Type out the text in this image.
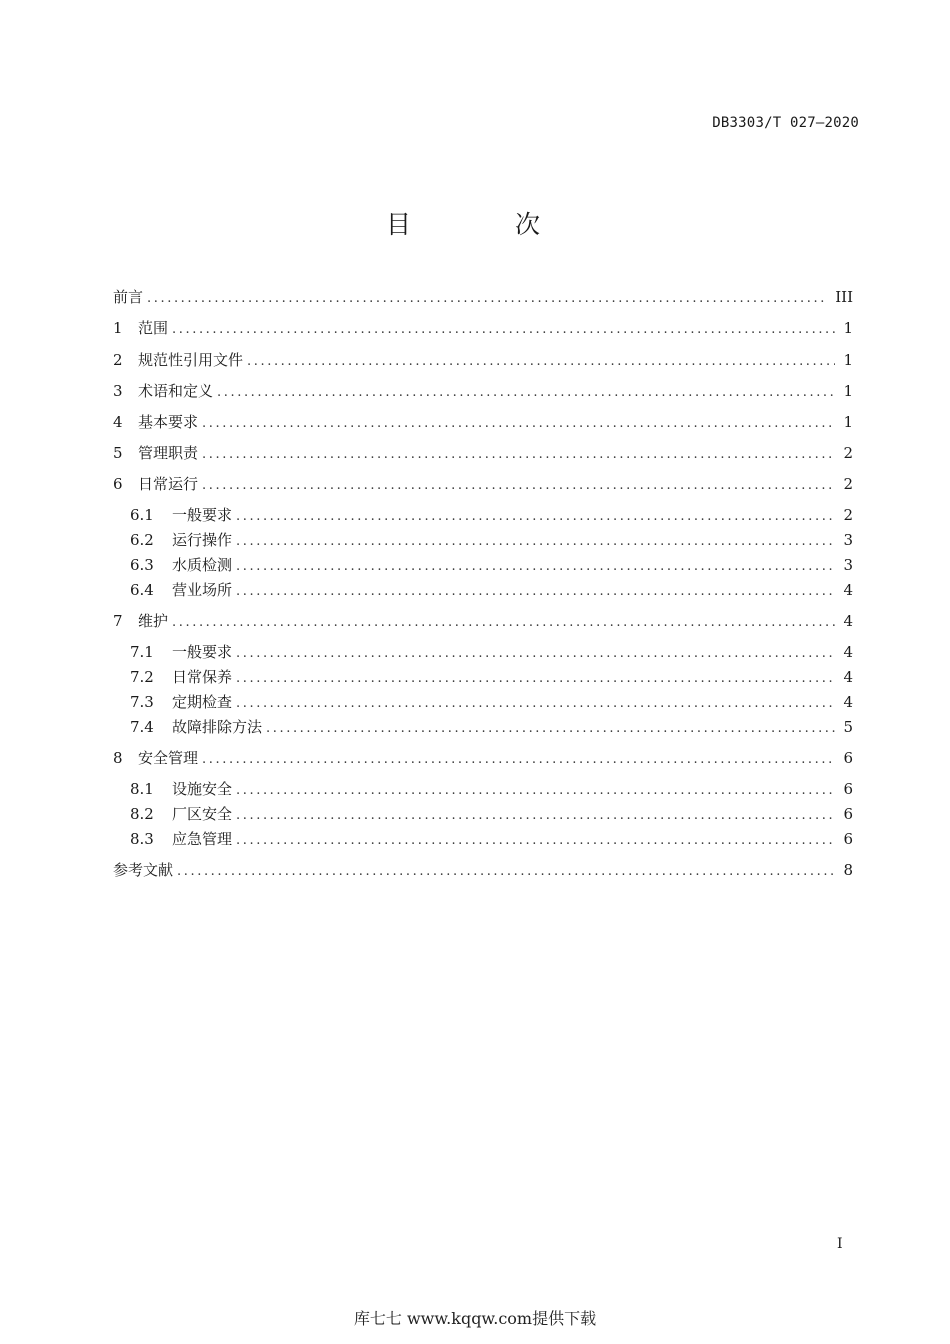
DB3303/T 027—2020
目 次
前言 .....	III
1	范围 .....	1
2	规范性引用文件 .....	1
3	术语和定义 .....	1
4	基本要求 .....	1
5	管理职责 .....	2
6	日常运行 .....	2
6.1	一般要求 .....	2
6.2	运行操作 .....	3
6.3	水质检测 .....	3
6.4	营业场所 .....	4
7	维护 .....	4
7.1	一般要求 .....	4
7.2	日常保养 .....	4
7.3	定期检查 .....	4
7.4	故障排除方法 .....	5
8	安全管理 .....	6
8.1	设施安全 .....	6
8.2	厂区安全 .....	6
8.3	应急管理 .....	6
参考文献 .....	8
I
库七七 www.kqqw.com提供下载
